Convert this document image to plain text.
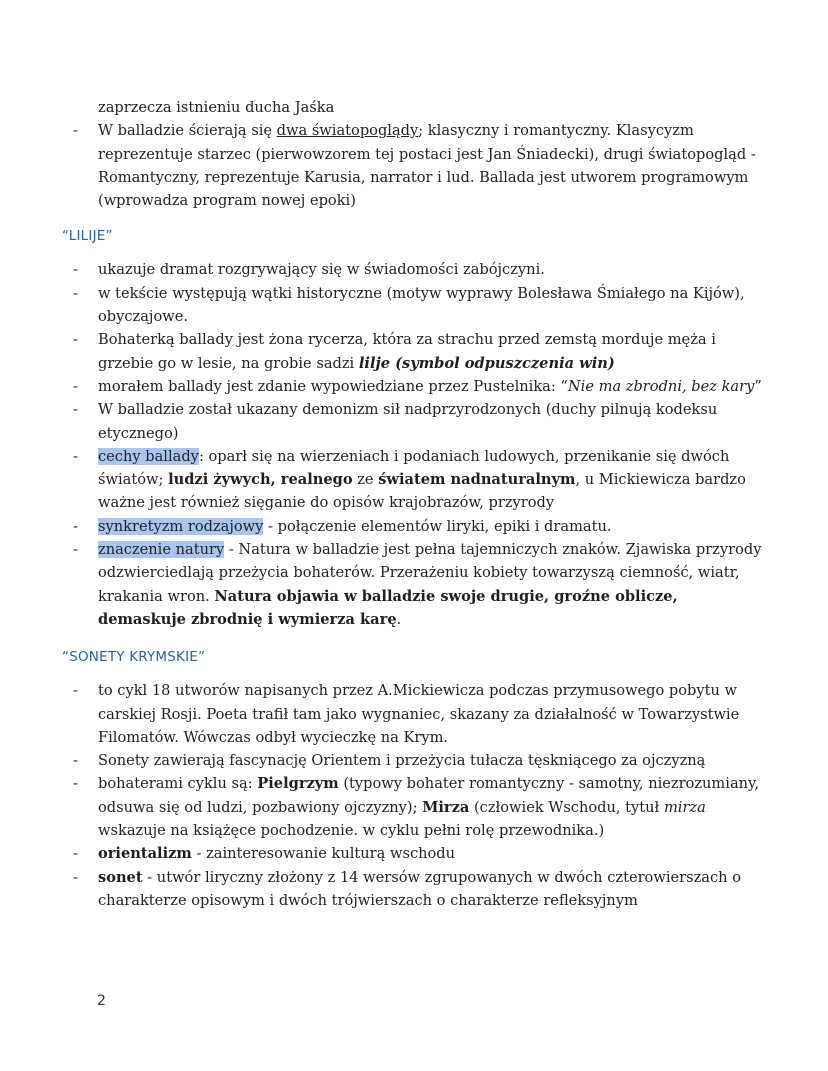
zaprzecza istnieniu ducha Jaśka
-	W balladzie ścierają się dwa światopoglądy; klasyczny i romantyczny. Klasycyzm reprezentuje starzec (pierwowzorem tej postaci jest Jan Śniadecki), drugi światopogląd - Romantyczny, reprezentuje Karusia, narrator i lud. Ballada jest utworem programowym (wprowadza program nowej epoki)
“LILIJE”
-	ukazuje dramat rozgrywający się w świadomości zabójczyni.
-	w tekście występują wątki historyczne (motyw wyprawy Bolesława Śmiałego na Kijów), obyczajowe.
-	Bohaterką ballady jest żona rycerza, która za strachu przed zemstą morduje męża i grzebie go w lesie, na grobie sadzi lilje (symbol odpuszczenia win)
-	morałem ballady jest zdanie wypowiedziane przez Pustelnika: “Nie ma zbrodni, bez kary”
-	W balladzie został ukazany demonizm sił nadprzyrodzonych (duchy pilnują kodeksu etycznego)
-	cechy ballady: oparł się na wierzeniach i podaniach ludowych, przenikanie się dwóch światów; ludzi żywych, realnego ze światem nadnaturalnym, u Mickiewicza bardzo ważne jest również sięganie do opisów krajobrazów, przyrody
-	synkretyzm rodzajowy - połączenie elementów liryki, epiki i dramatu.
-	znaczenie natury - Natura w balladzie jest pełna tajemniczych znaków. Zjawiska przyrody odzwierciedlają przeżycia bohaterów. Przerażeniu kobiety towarzyszą ciemność, wiatr, krakania wron. Natura objawia w balladzie swoje drugie, groźne oblicze, demaskuje zbrodnię i wymierza karę.
“SONETY KRYMSKIE”
-	to cykl 18 utworów napisanych przez A.Mickiewicza podczas przymusowego pobytu w carskiej Rosji. Poeta trafił tam jako wygnaniec, skazany za działalność w Towarzystwie Filomatów. Wówczas odbył wycieczkę na Krym.
-	Sonety zawierają fascynację Orientem i przeżycia tułacza tęskniącego za ojczyzną
-	bohaterami cyklu są: Pielgrzym (typowy bohater romantyczny - samotny, niezrozumiany, odsuwa się od ludzi, pozbawiony ojczyzny); Mirza (człowiek Wschodu, tytuł mirza wskazuje na książęce pochodzenie. w cyklu pełni rolę przewodnika.)
-	orientalizm - zainteresowanie kulturą wschodu
-	sonet - utwór liryczny złożony z 14 wersów zgrupowanych w dwóch czterowierszach o charakterze opisowym i dwóch trójwierszach o charakterze refleksyjnym
2
